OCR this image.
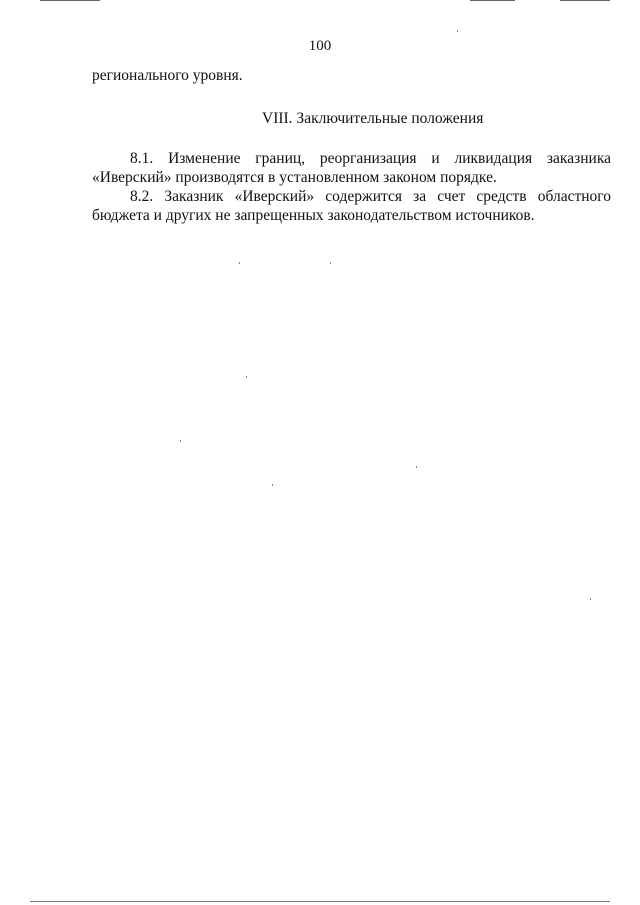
100

регионального уровня.

VIII. Заключительные положения

8.1. Изменение границ, реорганизация и ликвидация заказника
«Иверский» производятся в установленном законом порядке.

8.2. Заказник «Иверский» содержится за счет средств областного
бюджета и других не запрещенных законодательством источников.
